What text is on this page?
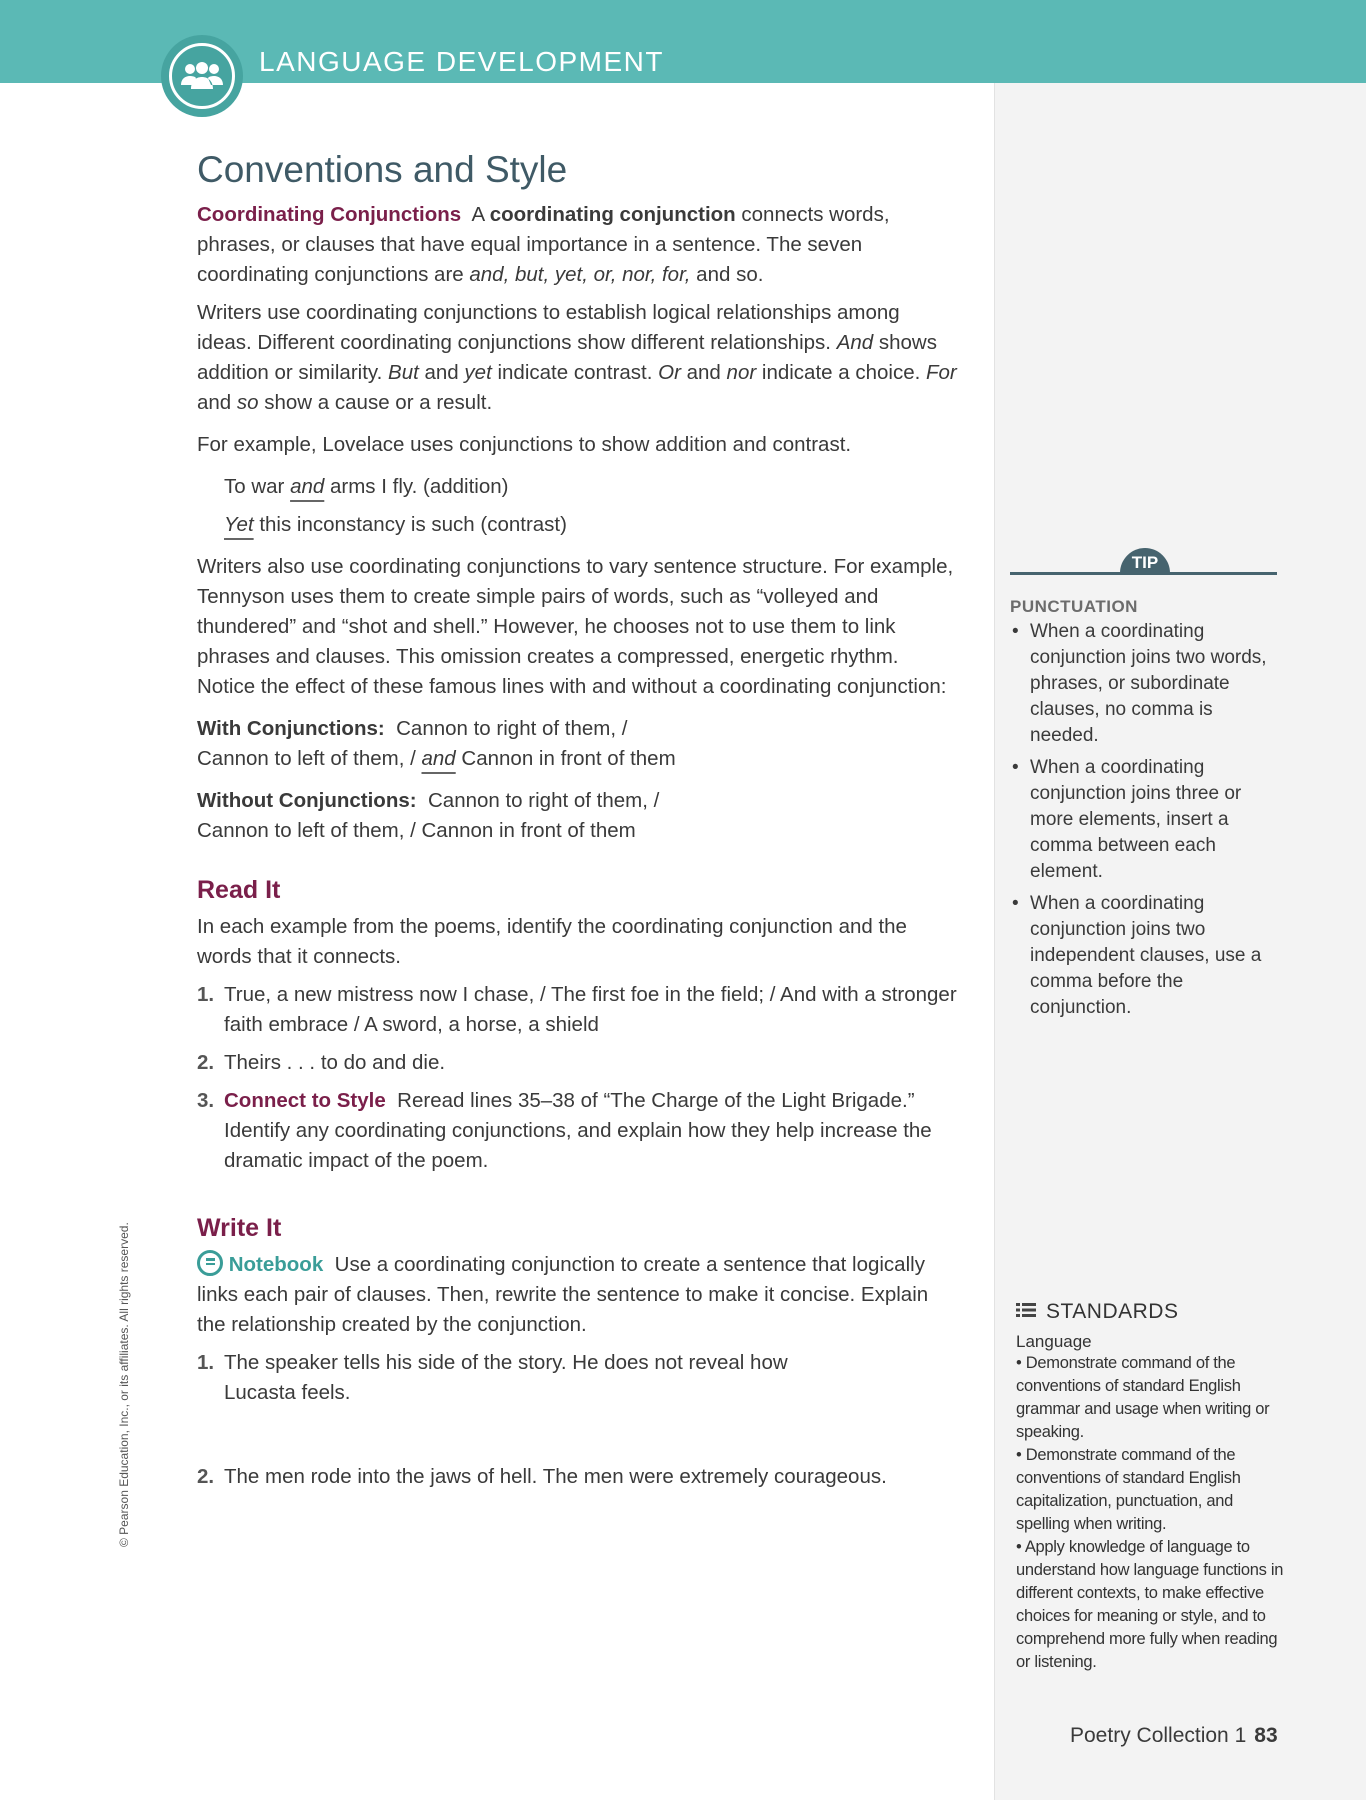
LANGUAGE DEVELOPMENT
Conventions and Style

Coordinating Conjunctions A coordinating conjunction connects words, phrases, or clauses that have equal importance in a sentence. The seven coordinating conjunctions are and, but, yet, or, nor, for, and so.

Writers use coordinating conjunctions to establish logical relationships among ideas. Different coordinating conjunctions show different relationships. And shows addition or similarity. But and yet indicate contrast. Or and nor indicate a choice. For and so show a cause or a result.

For example, Lovelace uses conjunctions to show addition and contrast.

To war and arms I fly. (addition)

Yet this inconstancy is such (contrast)

Writers also use coordinating conjunctions to vary sentence structure. For example, Tennyson uses them to create simple pairs of words, such as “volleyed and thundered” and “shot and shell.” However, he chooses not to use them to link phrases and clauses. This omission creates a compressed, energetic rhythm. Notice the effect of these famous lines with and without a coordinating conjunction:

With Conjunctions: Cannon to right of them, /
Cannon to left of them, / and Cannon in front of them

Without Conjunctions: Cannon to right of them, /
Cannon to left of them, / Cannon in front of them

Read It

In each example from the poems, identify the coordinating conjunction and the words that it connects.

1. True, a new mistress now I chase, / The first foe in the field; / And with a stronger faith embrace / A sword, a horse, a shield
2. Theirs . . . to do and die.
3. Connect to Style Reread lines 35–38 of “The Charge of the Light Brigade.” Identify any coordinating conjunctions, and explain how they help increase the dramatic impact of the poem.
Write It

Notebook Use a coordinating conjunction to create a sentence that logically links each pair of clauses. Then, rewrite the sentence to make it concise. Explain the relationship created by the conjunction.

1. The speaker tells his side of the story. He does not reveal how Lucasta feels.
2. The men rode into the jaws of hell. The men were extremely courageous.
© Pearson Education, Inc., or its affiliates. All rights reserved.
TIP
PUNCTUATION
• When a coordinating conjunction joins two words, phrases, or subordinate clauses, no comma is needed.
• When a coordinating conjunction joins three or more elements, insert a comma between each element.
• When a coordinating conjunction joins two independent clauses, use a comma before the conjunction.
STANDARDS
Language
• Demonstrate command of the conventions of standard English grammar and usage when writing or speaking.
• Demonstrate command of the conventions of standard English capitalization, punctuation, and spelling when writing.
• Apply knowledge of language to understand how language functions in different contexts, to make effective choices for meaning or style, and to comprehend more fully when reading or listening.
Poetry Collection 1 83
